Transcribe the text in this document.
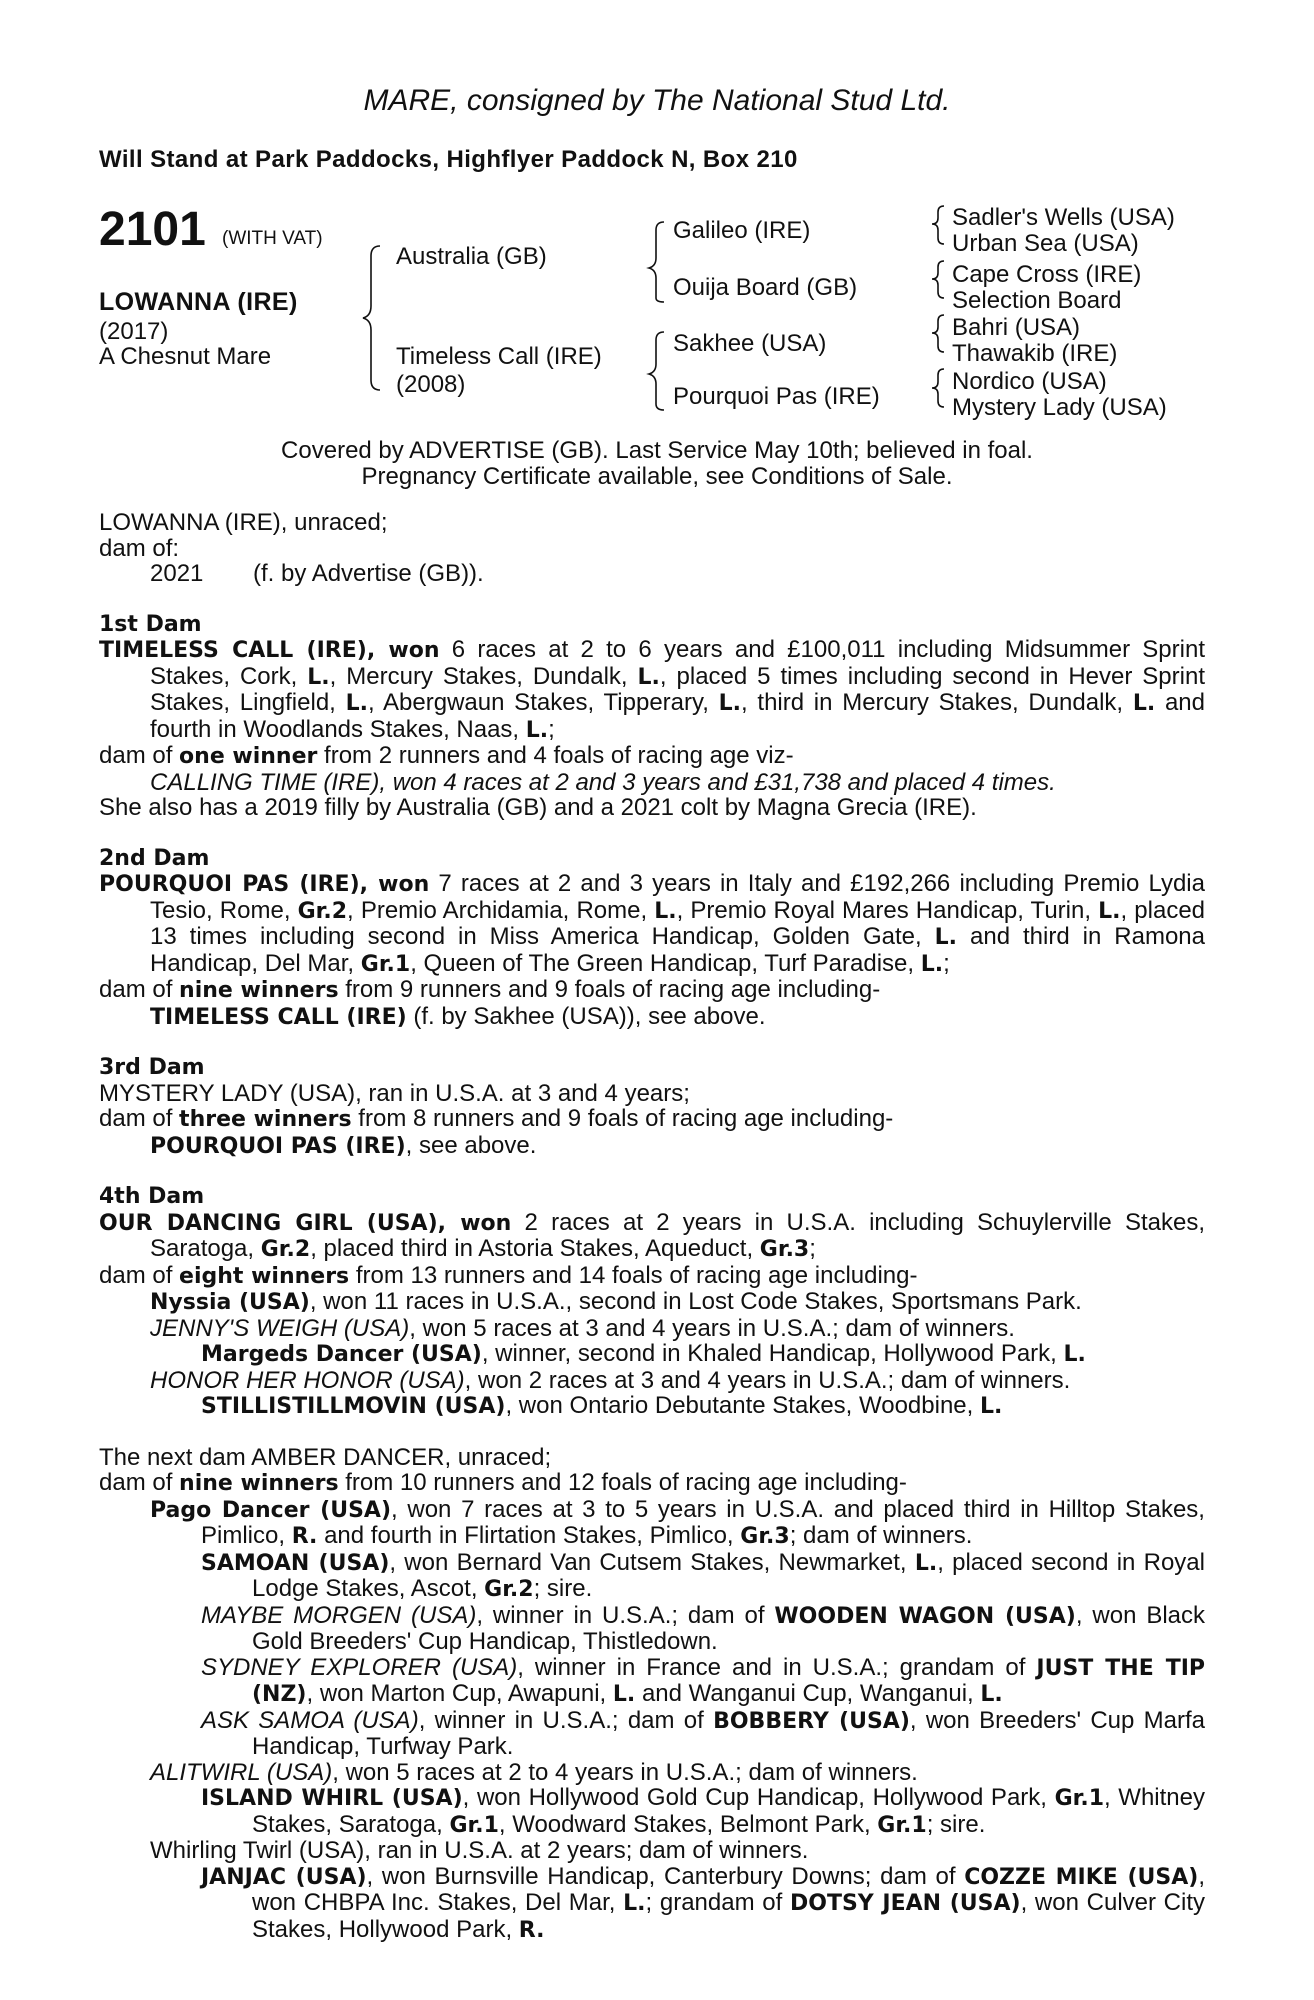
MARE, consigned by The National Stud Ltd.
Will Stand at Park Paddocks, Highflyer Paddock N, Box 210
2101 (WITH VAT)
LOWANNA (IRE)
(2017)
A Chesnut Mare
Australia (GB)
Timeless Call (IRE)
(2008)
Galileo (IRE)
Ouija Board (GB)
Sakhee (USA)
Pourquoi Pas (IRE)
Sadler's Wells (USA)
Urban Sea (USA)
Cape Cross (IRE)
Selection Board
Bahri (USA)
Thawakib (IRE)
Nordico (USA)
Mystery Lady (USA)
Covered by ADVERTISE (GB). Last Service May 10th; believed in foal.
Pregnancy Certificate available, see Conditions of Sale.

LOWANNA (IRE), unraced;

dam of:

2021 (f. by Advertise (GB)).

1st Dam

TIMELESS CALL (IRE), won 6 races at 2 to 6 years and £100,011 including Midsummer Sprint Stakes, Cork, L., Mercury Stakes, Dundalk, L., placed 5 times including second in Hever Sprint Stakes, Lingfield, L., Abergwaun Stakes, Tipperary, L., third in Mercury Stakes, Dundalk, L. and fourth in Woodlands Stakes, Naas, L.;

dam of one winner from 2 runners and 4 foals of racing age viz-

CALLING TIME (IRE), won 4 races at 2 and 3 years and £31,738 and placed 4 times.

She also has a 2019 filly by Australia (GB) and a 2021 colt by Magna Grecia (IRE).

2nd Dam

POURQUOI PAS (IRE), won 7 races at 2 and 3 years in Italy and £192,266 including Premio Lydia Tesio, Rome, Gr.2, Premio Archidamia, Rome, L., Premio Royal Mares Handicap, Turin, L., placed 13 times including second in Miss America Handicap, Golden Gate, L. and third in Ramona Handicap, Del Mar, Gr.1, Queen of The Green Handicap, Turf Paradise, L.;

dam of nine winners from 9 runners and 9 foals of racing age including-

TIMELESS CALL (IRE) (f. by Sakhee (USA)), see above.

3rd Dam

MYSTERY LADY (USA), ran in U.S.A. at 3 and 4 years;

dam of three winners from 8 runners and 9 foals of racing age including-

POURQUOI PAS (IRE), see above.

4th Dam

OUR DANCING GIRL (USA), won 2 races at 2 years in U.S.A. including Schuylerville Stakes, Saratoga, Gr.2, placed third in Astoria Stakes, Aqueduct, Gr.3;

dam of eight winners from 13 runners and 14 foals of racing age including-

Nyssia (USA), won 11 races in U.S.A., second in Lost Code Stakes, Sportsmans Park.

JENNY'S WEIGH (USA), won 5 races at 3 and 4 years in U.S.A.; dam of winners.

Margeds Dancer (USA), winner, second in Khaled Handicap, Hollywood Park, L.

HONOR HER HONOR (USA), won 2 races at 3 and 4 years in U.S.A.; dam of winners.

STILLISTILLMOVIN (USA), won Ontario Debutante Stakes, Woodbine, L.

The next dam AMBER DANCER, unraced;

dam of nine winners from 10 runners and 12 foals of racing age including-

Pago Dancer (USA), won 7 races at 3 to 5 years in U.S.A. and placed third in Hilltop Stakes, Pimlico, R. and fourth in Flirtation Stakes, Pimlico, Gr.3; dam of winners.

SAMOAN (USA), won Bernard Van Cutsem Stakes, Newmarket, L., placed second in Royal Lodge Stakes, Ascot, Gr.2; sire.

MAYBE MORGEN (USA), winner in U.S.A.; dam of WOODEN WAGON (USA), won Black Gold Breeders' Cup Handicap, Thistledown.

SYDNEY EXPLORER (USA), winner in France and in U.S.A.; grandam of JUST THE TIP (NZ), won Marton Cup, Awapuni, L. and Wanganui Cup, Wanganui, L.

ASK SAMOA (USA), winner in U.S.A.; dam of BOBBERY (USA), won Breeders' Cup Marfa Handicap, Turfway Park.

ALITWIRL (USA), won 5 races at 2 to 4 years in U.S.A.; dam of winners.

ISLAND WHIRL (USA), won Hollywood Gold Cup Handicap, Hollywood Park, Gr.1, Whitney Stakes, Saratoga, Gr.1, Woodward Stakes, Belmont Park, Gr.1; sire.

Whirling Twirl (USA), ran in U.S.A. at 2 years; dam of winners.

JANJAC (USA), won Burnsville Handicap, Canterbury Downs; dam of COZZE MIKE (USA), won CHBPA Inc. Stakes, Del Mar, L.; grandam of DOTSY JEAN (USA), won Culver City Stakes, Hollywood Park, R.
